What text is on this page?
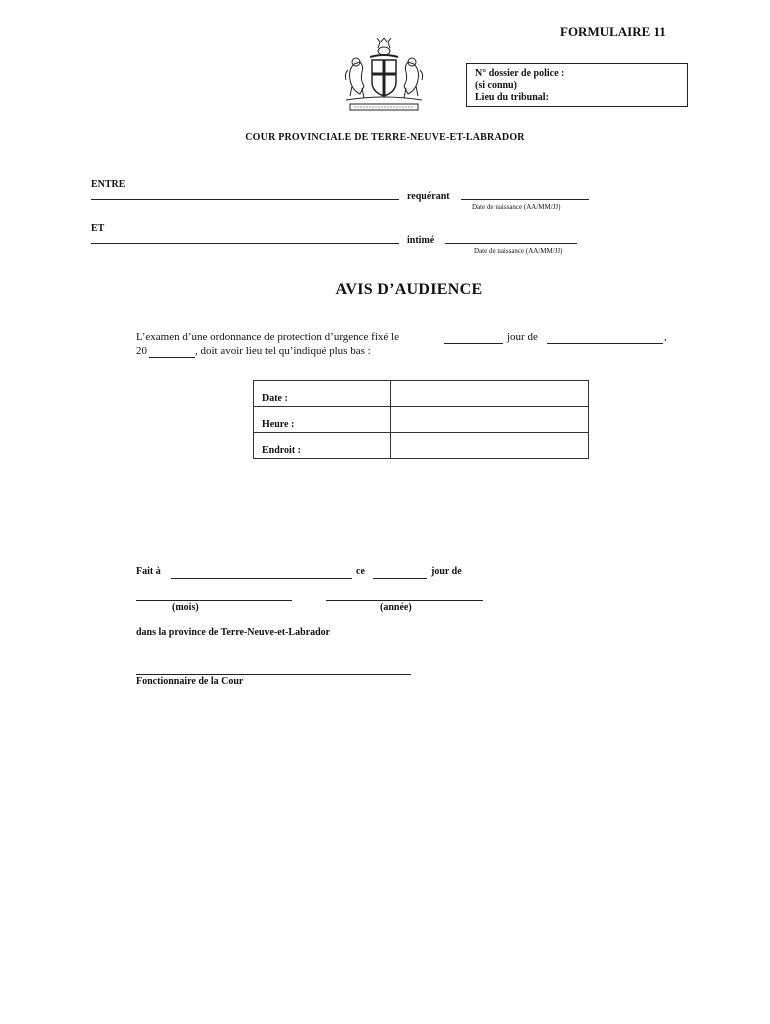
FORMULAIRE 11
N° dossier de police :
(si connu)
Lieu du tribunal:
COUR PROVINCIALE DE TERRE-NEUVE-ET-LABRADOR
ENTRE
requérant
Date de naissance (AA/MM/JJ)
ET
intimé
Date de naissance (AA/MM/JJ)
AVIS D’AUDIENCE
L’examen d’une ordonnance de protection d’urgence fixé le	jour de	,
20	, doit avoir lieu tel qu’indiqué plus bas :
Date :	
Heure :	
Endroit :	
Fait à	ce	jour de
(mois)	(année)
dans la province de Terre-Neuve-et-Labrador
Fonctionnaire de la Cour
